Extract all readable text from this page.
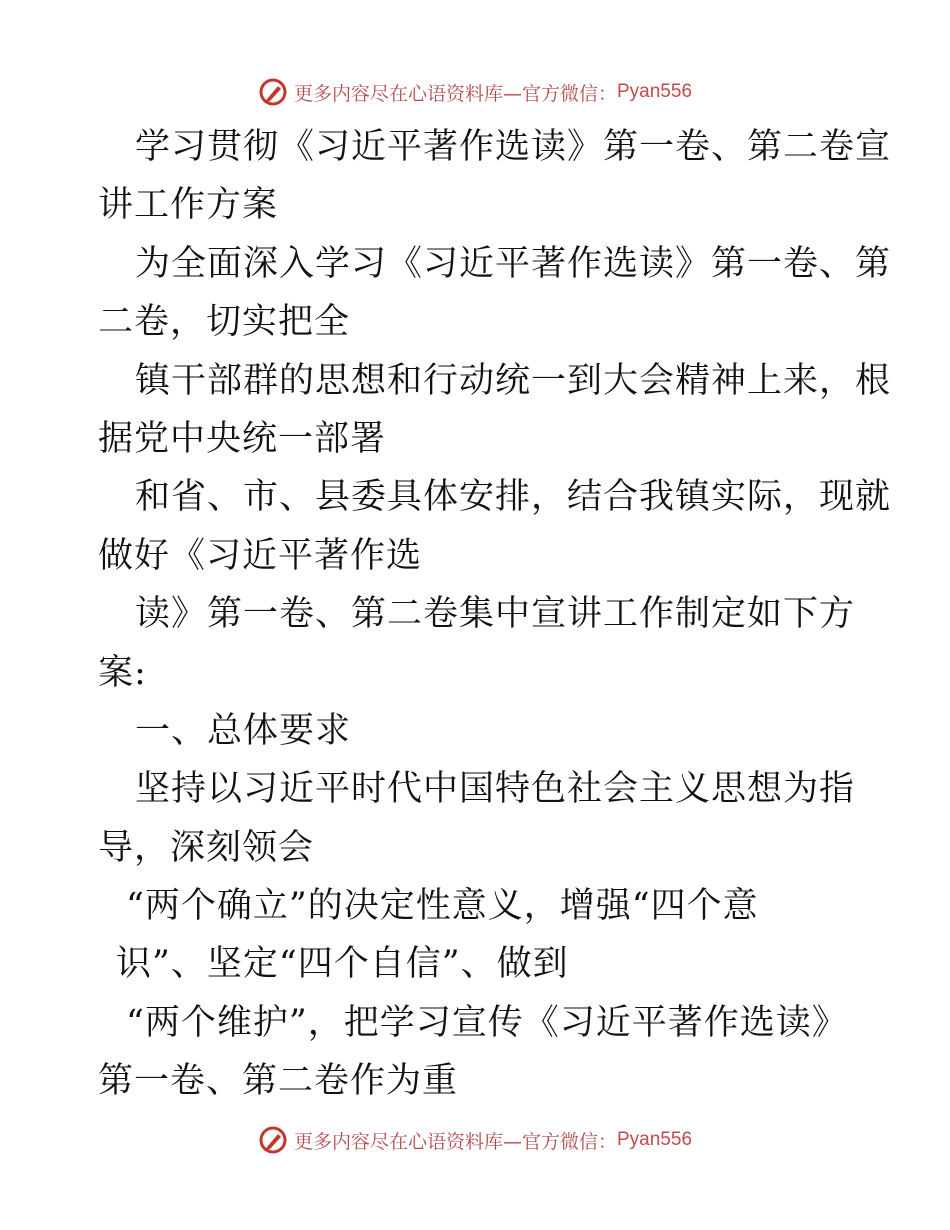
更多内容尽在心语资料库—官方微信： Pyan556
学习贯彻《习近平著作选读》第一卷、第二卷宣
讲工作方案
为全面深入学习《习近平著作选读》第一卷、第
二卷，切实把全
镇干部群的思想和行动统一到大会精神上来，根
据党中央统一部署
和省、市、县委具体安排，结合我镇实际，现就
做好《习近平著作选
读》第一卷、第二卷集中宣讲工作制定如下方
案:
一、总体要求
坚持以习近平时代中国特色社会主义思想为指
导，深刻领会
“两个确立”的决定性意义，增强“四个意
识”、坚定“四个自信”、做到
“两个维护”，把学习宣传《习近平著作选读》
第一卷、第二卷作为重
更多内容尽在心语资料库—官方微信： Pyan556
